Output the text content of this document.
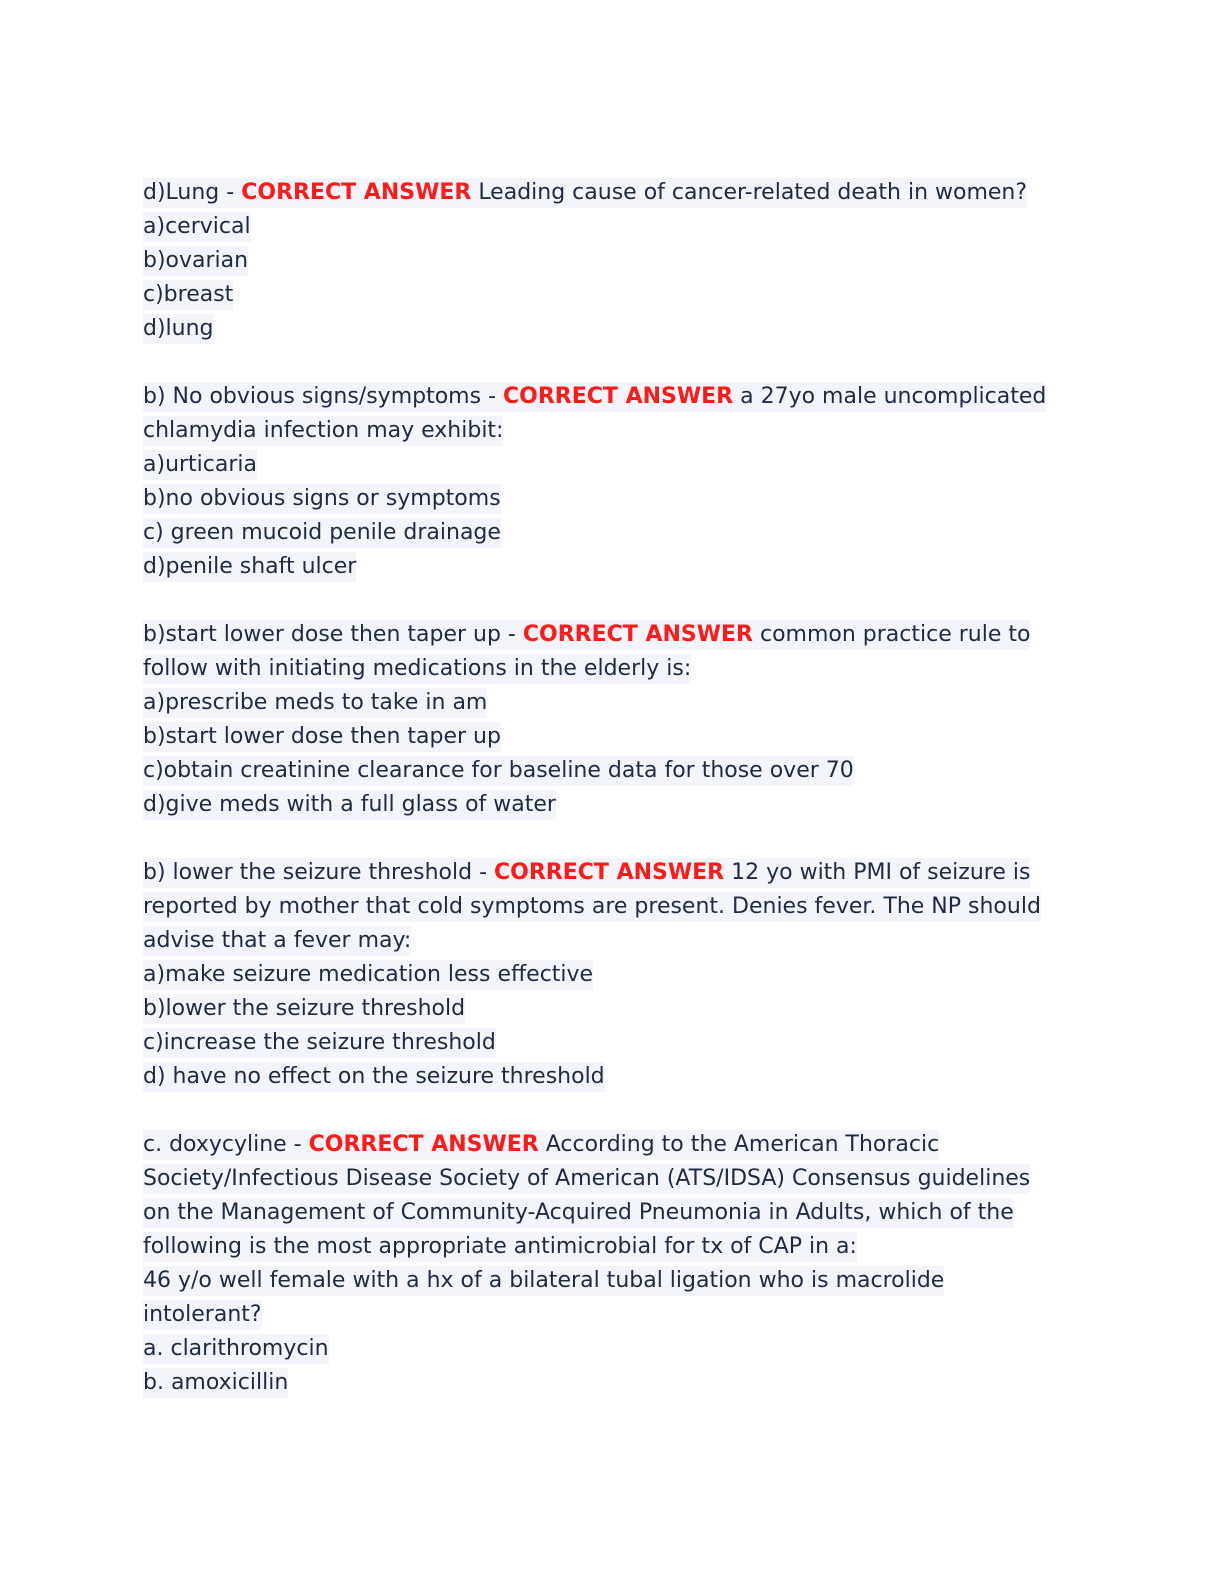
d)Lung - CORRECT ANSWER Leading cause of cancer-related death in women?
a)cervical
b)ovarian
c)breast
d)lung
b) No obvious signs/symptoms - CORRECT ANSWER a 27yo male uncomplicated
chlamydia infection may exhibit:
a)urticaria
b)no obvious signs or symptoms
c) green mucoid penile drainage
d)penile shaft ulcer
b)start lower dose then taper up - CORRECT ANSWER common practice rule to
follow with initiating medications in the elderly is:
a)prescribe meds to take in am
b)start lower dose then taper up
c)obtain creatinine clearance for baseline data for those over 70
d)give meds with a full glass of water
b) lower the seizure threshold - CORRECT ANSWER 12 yo with PMI of seizure is
reported by mother that cold symptoms are present. Denies fever. The NP should
advise that a fever may:
a)make seizure medication less effective
b)lower the seizure threshold
c)increase the seizure threshold
d) have no effect on the seizure threshold
c. doxycyline - CORRECT ANSWER According to the American Thoracic
Society/Infectious Disease Society of American (ATS/IDSA) Consensus guidelines
on the Management of Community-Acquired Pneumonia in Adults, which of the
following is the most appropriate antimicrobial for tx of CAP in a:
46 y/o well female with a hx of a bilateral tubal ligation who is macrolide
intolerant?
a. clarithromycin
b. amoxicillin
